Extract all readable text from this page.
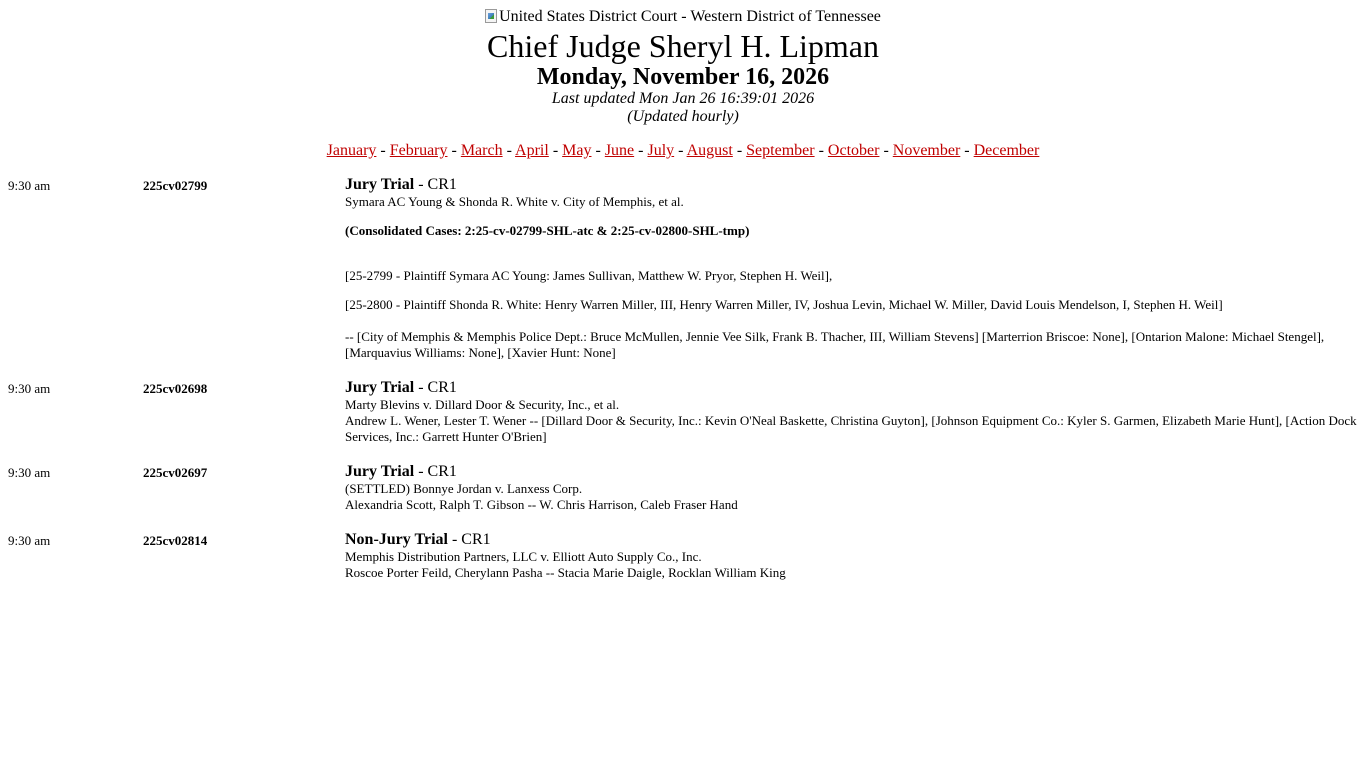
United States District Court - Western District of Tennessee
Chief Judge Sheryl H. Lipman
Monday, November 16, 2026
Last updated Mon Jan 26 16:39:01 2026
(Updated hourly)
January - February - March - April - May - June - July - August - September - October - November - December
9:30 am	225cv02799	Jury Trial - CR1
Symara AC Young & Shonda R. White v. City of Memphis, et al.
(Consolidated Cases: 2:25-cv-02799-SHL-atc & 2:25-cv-02800-SHL-tmp)
[25-2799 - Plaintiff Symara AC Young: James Sullivan, Matthew W. Pryor, Stephen H. Weil],
[25-2800 - Plaintiff Shonda R. White: Henry Warren Miller, III, Henry Warren Miller, IV, Joshua Levin, Michael W. Miller, David Louis Mendelson, I, Stephen H. Weil]
-- [City of Memphis & Memphis Police Dept.: Bruce McMullen, Jennie Vee Silk, Frank B. Thacher, III, William Stevens] [Marterrion Briscoe: None], [Ontarion Malone: Michael Stengel], [Marquavius Williams: None], [Xavier Hunt: None]
9:30 am	225cv02698	Jury Trial - CR1
Marty Blevins v. Dillard Door & Security, Inc., et al.
Andrew L. Wener, Lester T. Wener -- [Dillard Door & Security, Inc.: Kevin O'Neal Baskette, Christina Guyton], [Johnson Equipment Co.: Kyler S. Garmen, Elizabeth Marie Hunt], [Action Dock Services, Inc.: Garrett Hunter O'Brien]
9:30 am	225cv02697	Jury Trial - CR1
(SETTLED) Bonnye Jordan v. Lanxess Corp.
Alexandria Scott, Ralph T. Gibson -- W. Chris Harrison, Caleb Fraser Hand
9:30 am	225cv02814	Non-Jury Trial - CR1
Memphis Distribution Partners, LLC v. Elliott Auto Supply Co., Inc.
Roscoe Porter Feild, Cherylann Pasha -- Stacia Marie Daigle, Rocklan William King
